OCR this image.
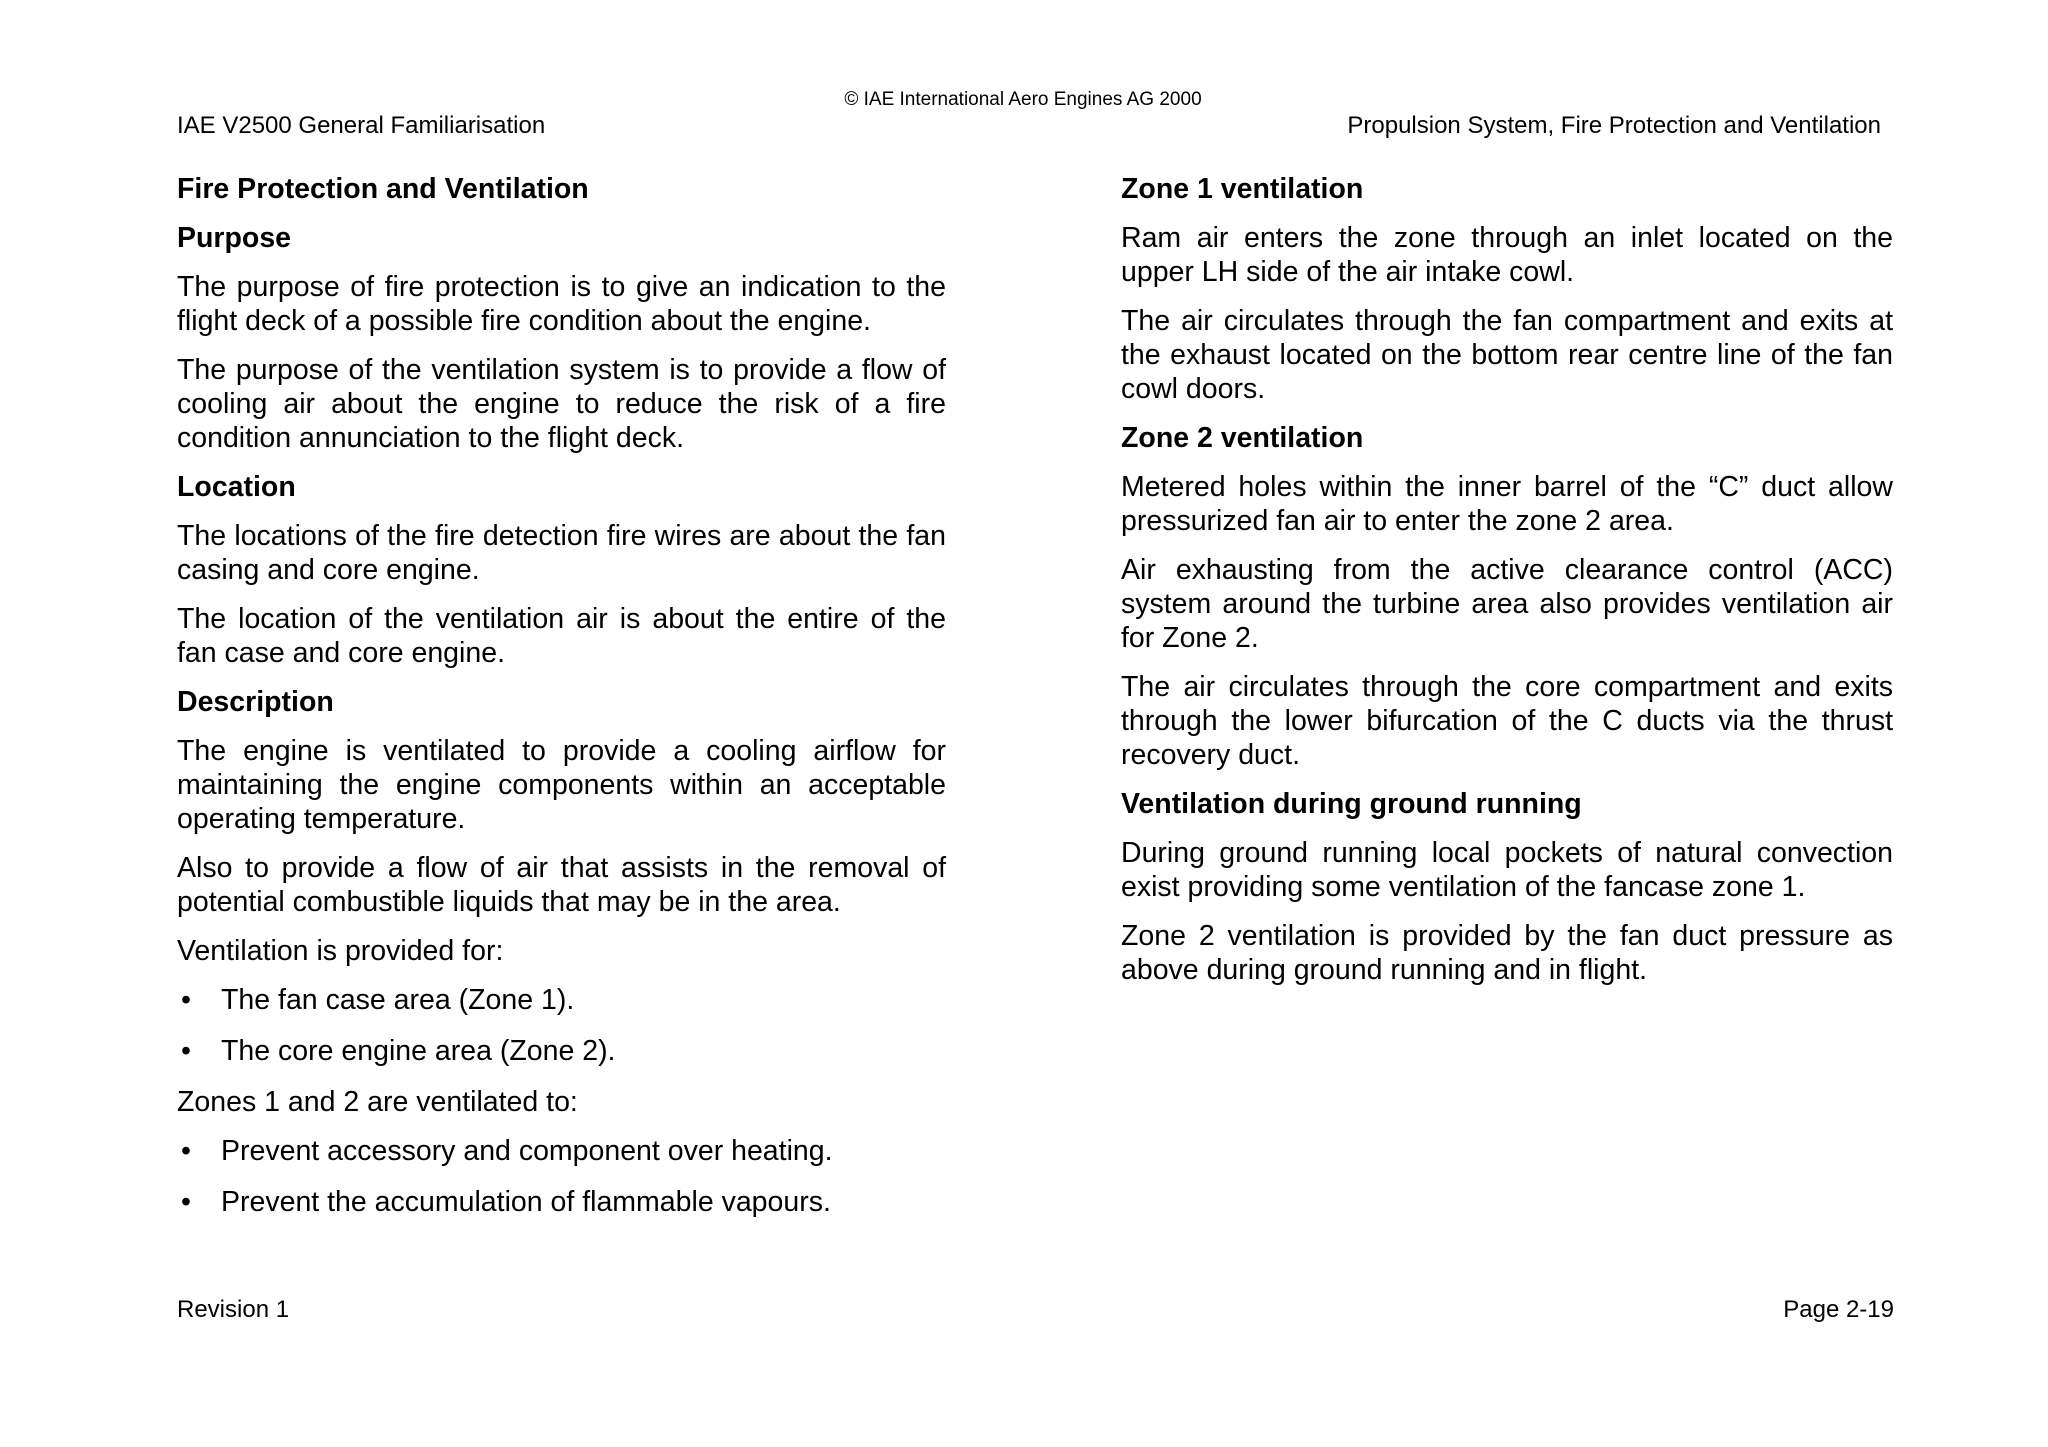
© IAE International Aero Engines AG 2000
IAE V2500 General Familiarisation	Propulsion System, Fire Protection and Ventilation
Fire Protection and Ventilation
Purpose

The purpose of fire protection is to give an indication to the flight deck of a possible fire condition about the engine.

The purpose of the ventilation system is to provide a flow of cooling air about the engine to reduce the risk of a fire condition annunciation to the flight deck.

Location

The locations of the fire detection fire wires are about the fan casing and core engine.

The location of the ventilation air is about the entire of the fan case and core engine.

Description

The engine is ventilated to provide a cooling airflow for maintaining the engine components within an acceptable operating temperature.

Also to provide a flow of air that assists in the removal of potential combustible liquids that may be in the area.

Ventilation is provided for:

• The fan case area (Zone 1).
• The core engine area (Zone 2).

Zones 1 and 2 are ventilated to:

• Prevent accessory and component over heating.
• Prevent the accumulation of flammable vapours.
Zone 1 ventilation

Ram air enters the zone through an inlet located on the upper LH side of the air intake cowl.

The air circulates through the fan compartment and exits at the exhaust located on the bottom rear centre line of the fan cowl doors.

Zone 2 ventilation

Metered holes within the inner barrel of the “C” duct allow pressurized fan air to enter the zone 2 area.

Air exhausting from the active clearance control (ACC) system around the turbine area also provides ventilation air for Zone 2.

The air circulates through the core compartment and exits through the lower bifurcation of the C ducts via the thrust recovery duct.

Ventilation during ground running

During ground running local pockets of natural convection exist providing some ventilation of the fancase zone 1.

Zone 2 ventilation is provided by the fan duct pressure as above during ground running and in flight.

Revision 1	Page 2-19
